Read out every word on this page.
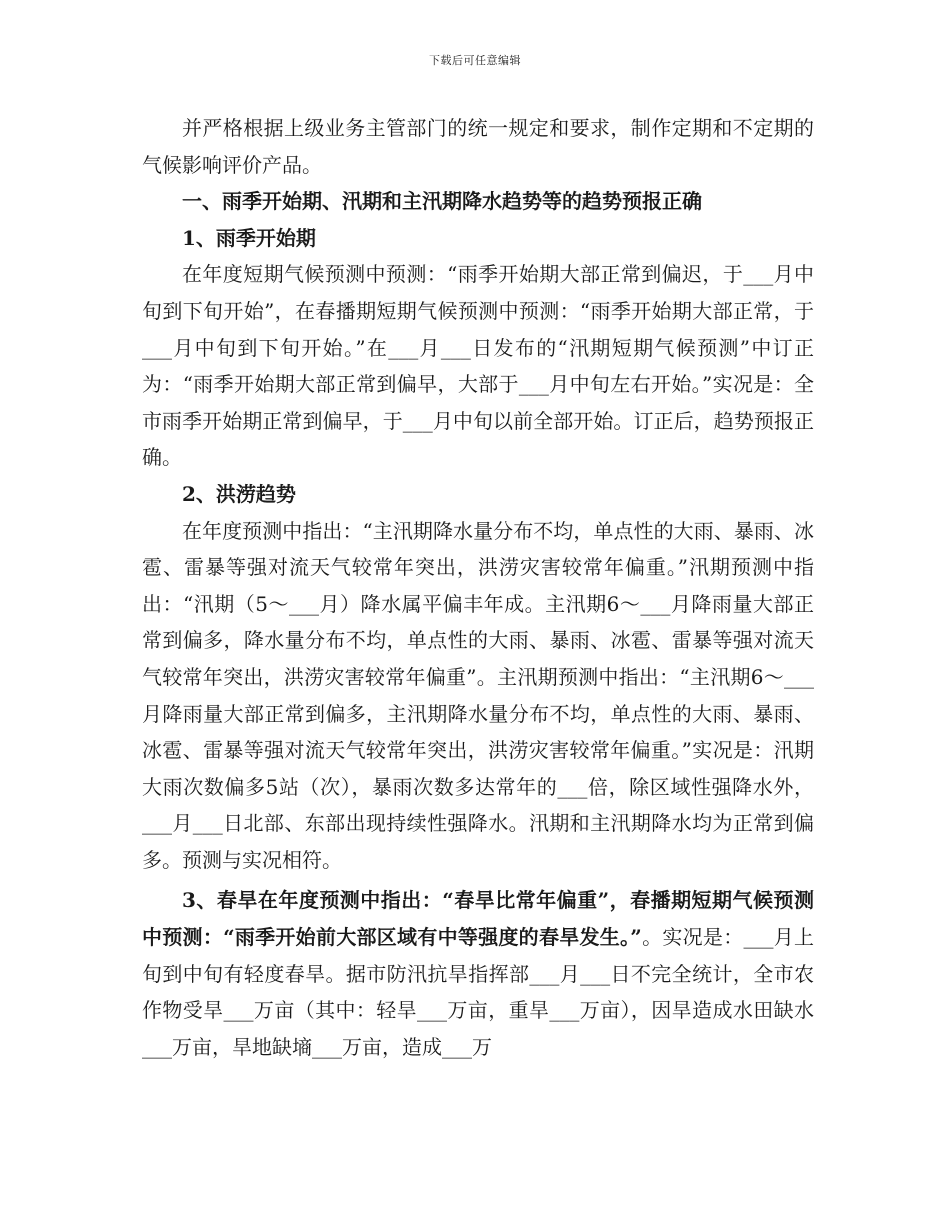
下载后可任意编辑

并严格根据上级业务主管部门的统一规定和要求，制作定期和不定期的气候影响评价产品。

一、雨季开始期、汛期和主汛期降水趋势等的趋势预报正确

1、雨季开始期

在年度短期气候预测中预测：“雨季开始期大部正常到偏迟，于___月中旬到下旬开始”，在春播期短期气候预测中预测：“雨季开始期大部正常，于___月中旬到下旬开始。”在___月___日发布的“汛期短期气候预测”中订正为：“雨季开始期大部正常到偏早，大部于___月中旬左右开始。”实况是：全市雨季开始期正常到偏早，于___月中旬以前全部开始。订正后，趋势预报正确。

2、洪涝趋势

在年度预测中指出：“主汛期降水量分布不均，单点性的大雨、暴雨、冰雹、雷暴等强对流天气较常年突出，洪涝灾害较常年偏重。”汛期预测中指出：“汛期（5～___月）降水属平偏丰年成。主汛期6～___月降雨量大部正常到偏多，降水量分布不均，单点性的大雨、暴雨、冰雹、雷暴等强对流天气较常年突出，洪涝灾害较常年偏重”。主汛期预测中指出：“主汛期6～___月降雨量大部正常到偏多，主汛期降水量分布不均，单点性的大雨、暴雨、冰雹、雷暴等强对流天气较常年突出，洪涝灾害较常年偏重。”实况是：汛期大雨次数偏多5站（次），暴雨次数多达常年的___倍，除区域性强降水外，___月___日北部、东部出现持续性强降水。汛期和主汛期降水均为正常到偏多。预测与实况相符。

3、春旱在年度预测中指出：“春旱比常年偏重”，春播期短期气候预测中预测：“雨季开始前大部区域有中等强度的春旱发生。”。实况是：___月上旬到中旬有轻度春旱。据市防汛抗旱指挥部___月___日不完全统计，全市农作物受旱___万亩（其中：轻旱___万亩，重旱___万亩），因旱造成水田缺水___万亩，旱地缺墒___万亩，造成___万
